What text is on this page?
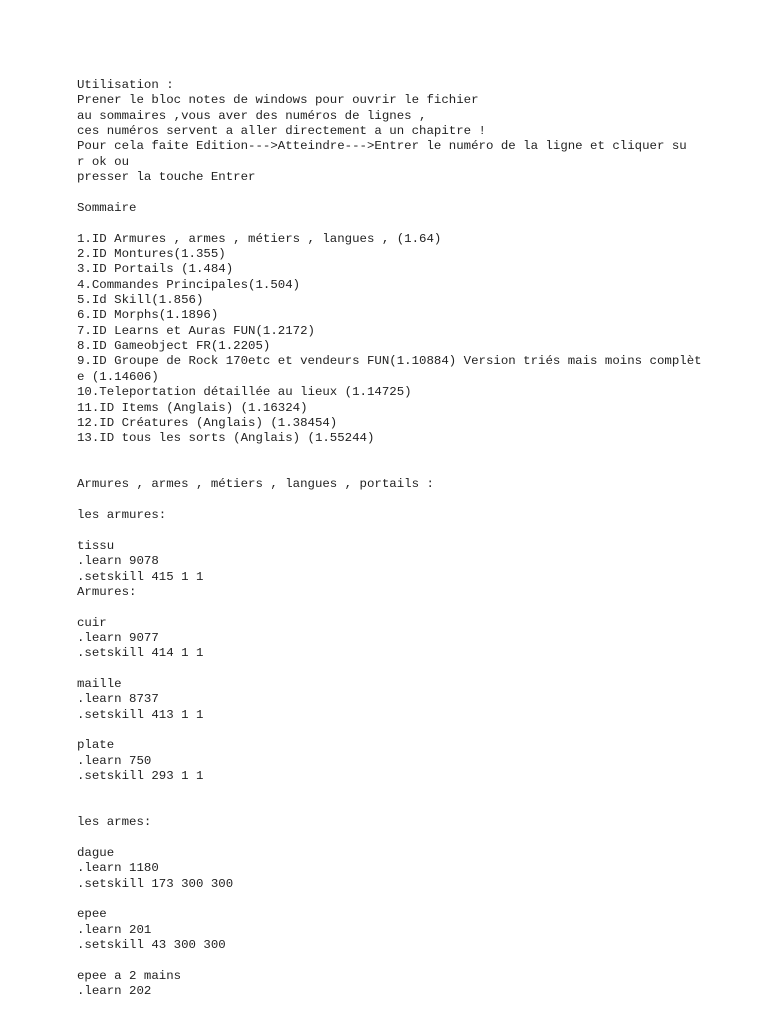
Utilisation :
Prener le bloc notes de windows pour ouvrir le fichier
au sommaires ,vous aver des numéros de lignes ,
ces numéros servent a aller directement a un chapitre !
Pour cela faite Edition--->Atteindre--->Entrer le numéro de la ligne et cliquer su
r ok ou
presser la touche Entrer
Sommaire
1.ID Armures , armes , métiers , langues , (1.64)
2.ID Montures(1.355)
3.ID Portails (1.484)
4.Commandes Principales(1.504)
5.Id Skill(1.856)
6.ID Morphs(1.1896)
7.ID Learns et Auras FUN(1.2172)
8.ID Gameobject FR(1.2205)
9.ID Groupe de Rock 170etc et vendeurs FUN(1.10884) Version triés mais moins complèt
e (1.14606)
10.Teleportation détaillée au lieux (1.14725)
11.ID Items (Anglais) (1.16324)
12.ID Créatures (Anglais) (1.38454)
13.ID tous les sorts (Anglais) (1.55244)
Armures , armes , métiers , langues , portails :
les armures:
tissu
.learn 9078
.setskill 415 1 1
Armures:
cuir
.learn 9077
.setskill 414 1 1
maille
.learn 8737
.setskill 413 1 1
plate
.learn 750
.setskill 293 1 1
les armes:
dague
.learn 1180
.setskill 173 300 300
epee
.learn 201
.setskill 43 300 300
epee a 2 mains
.learn 202
